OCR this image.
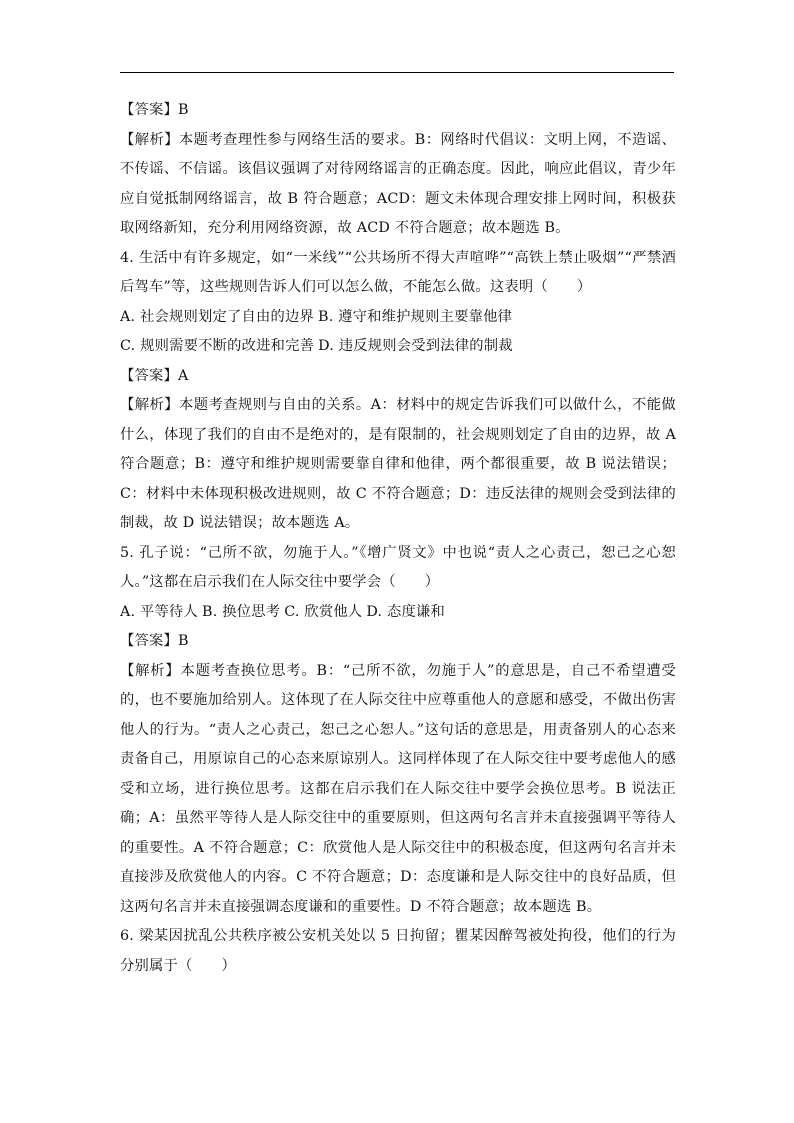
【答案】B

【解析】本题考查理性参与网络生活的要求。B：网络时代倡议：文明上网，不造谣、不传谣、不信谣。该倡议强调了对待网络谣言的正确态度。因此，响应此倡议，青少年应自觉抵制网络谣言，故 B 符合题意；ACD：题文未体现合理安排上网时间，积极获取网络新知，充分利用网络资源，故 ACD 不符合题意；故本题选 B。

4. 生活中有许多规定，如“一米线”“公共场所不得大声喧哗”“高铁上禁止吸烟”“严禁酒后驾车”等，这些规则告诉人们可以怎么做，不能怎么做。这表明（　　）

A. 社会规则划定了自由的边界 B. 遵守和维护规则主要靠他律

C. 规则需要不断的改进和完善 D. 违反规则会受到法律的制裁

【答案】A

【解析】本题考查规则与自由的关系。A：材料中的规定告诉我们可以做什么，不能做什么，体现了我们的自由不是绝对的，是有限制的，社会规则划定了自由的边界，故 A 符合题意；B：遵守和维护规则需要靠自律和他律，两个都很重要，故 B 说法错误；C：材料中未体现积极改进规则，故 C 不符合题意；D：违反法律的规则会受到法律的制裁，故 D 说法错误；故本题选 A。

5. 孔子说：“己所不欲，勿施于人。”《增广贤文》中也说“责人之心责己，恕己之心恕人。”这都在启示我们在人际交往中要学会（　　）

A. 平等待人 B. 换位思考 C. 欣赏他人 D. 态度谦和

【答案】B

【解析】本题考查换位思考。B：“己所不欲，勿施于人”的意思是，自己不希望遭受的，也不要施加给别人。这体现了在人际交往中应尊重他人的意愿和感受，不做出伤害他人的行为。“责人之心责己，恕己之心恕人。”这句话的意思是，用责备别人的心态来责备自己，用原谅自己的心态来原谅别人。这同样体现了在人际交往中要考虑他人的感受和立场，进行换位思考。这都在启示我们在人际交往中要学会换位思考。B 说法正确；A：虽然平等待人是人际交往中的重要原则，但这两句名言并未直接强调平等待人的重要性。A 不符合题意；C：欣赏他人是人际交往中的积极态度，但这两句名言并未直接涉及欣赏他人的内容。C 不符合题意；D：态度谦和是人际交往中的良好品质，但这两句名言并未直接强调态度谦和的重要性。D 不符合题意；故本题选 B。

6. 梁某因扰乱公共秩序被公安机关处以 5 日拘留；瞿某因醉驾被处拘役，他们的行为分别属于（　　）
